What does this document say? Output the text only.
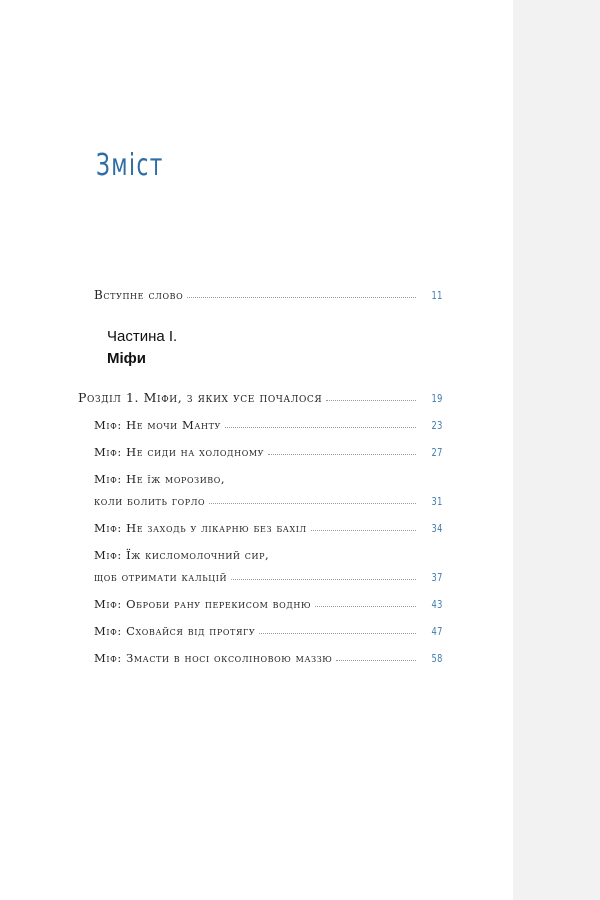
Зміст
Вступне слово	11
Частина І.
Міфи
Розділ 1. Міфи, з яких усе почалося	19
Міф: Не мочи Манту	23
Міф: Не сиди на холодному	27
Міф: Не їж морозиво,
коли болить горло	31
Міф: Не заходь у лікарню без бахіл	34
Міф: Їж кисломолочний сир,
щоб отримати кальцій	37
Міф: Оброби рану перекисом водню	43
Міф: Сховайся від протягу	47
Міф: Змасти в носі оксоліновою маззю	58
